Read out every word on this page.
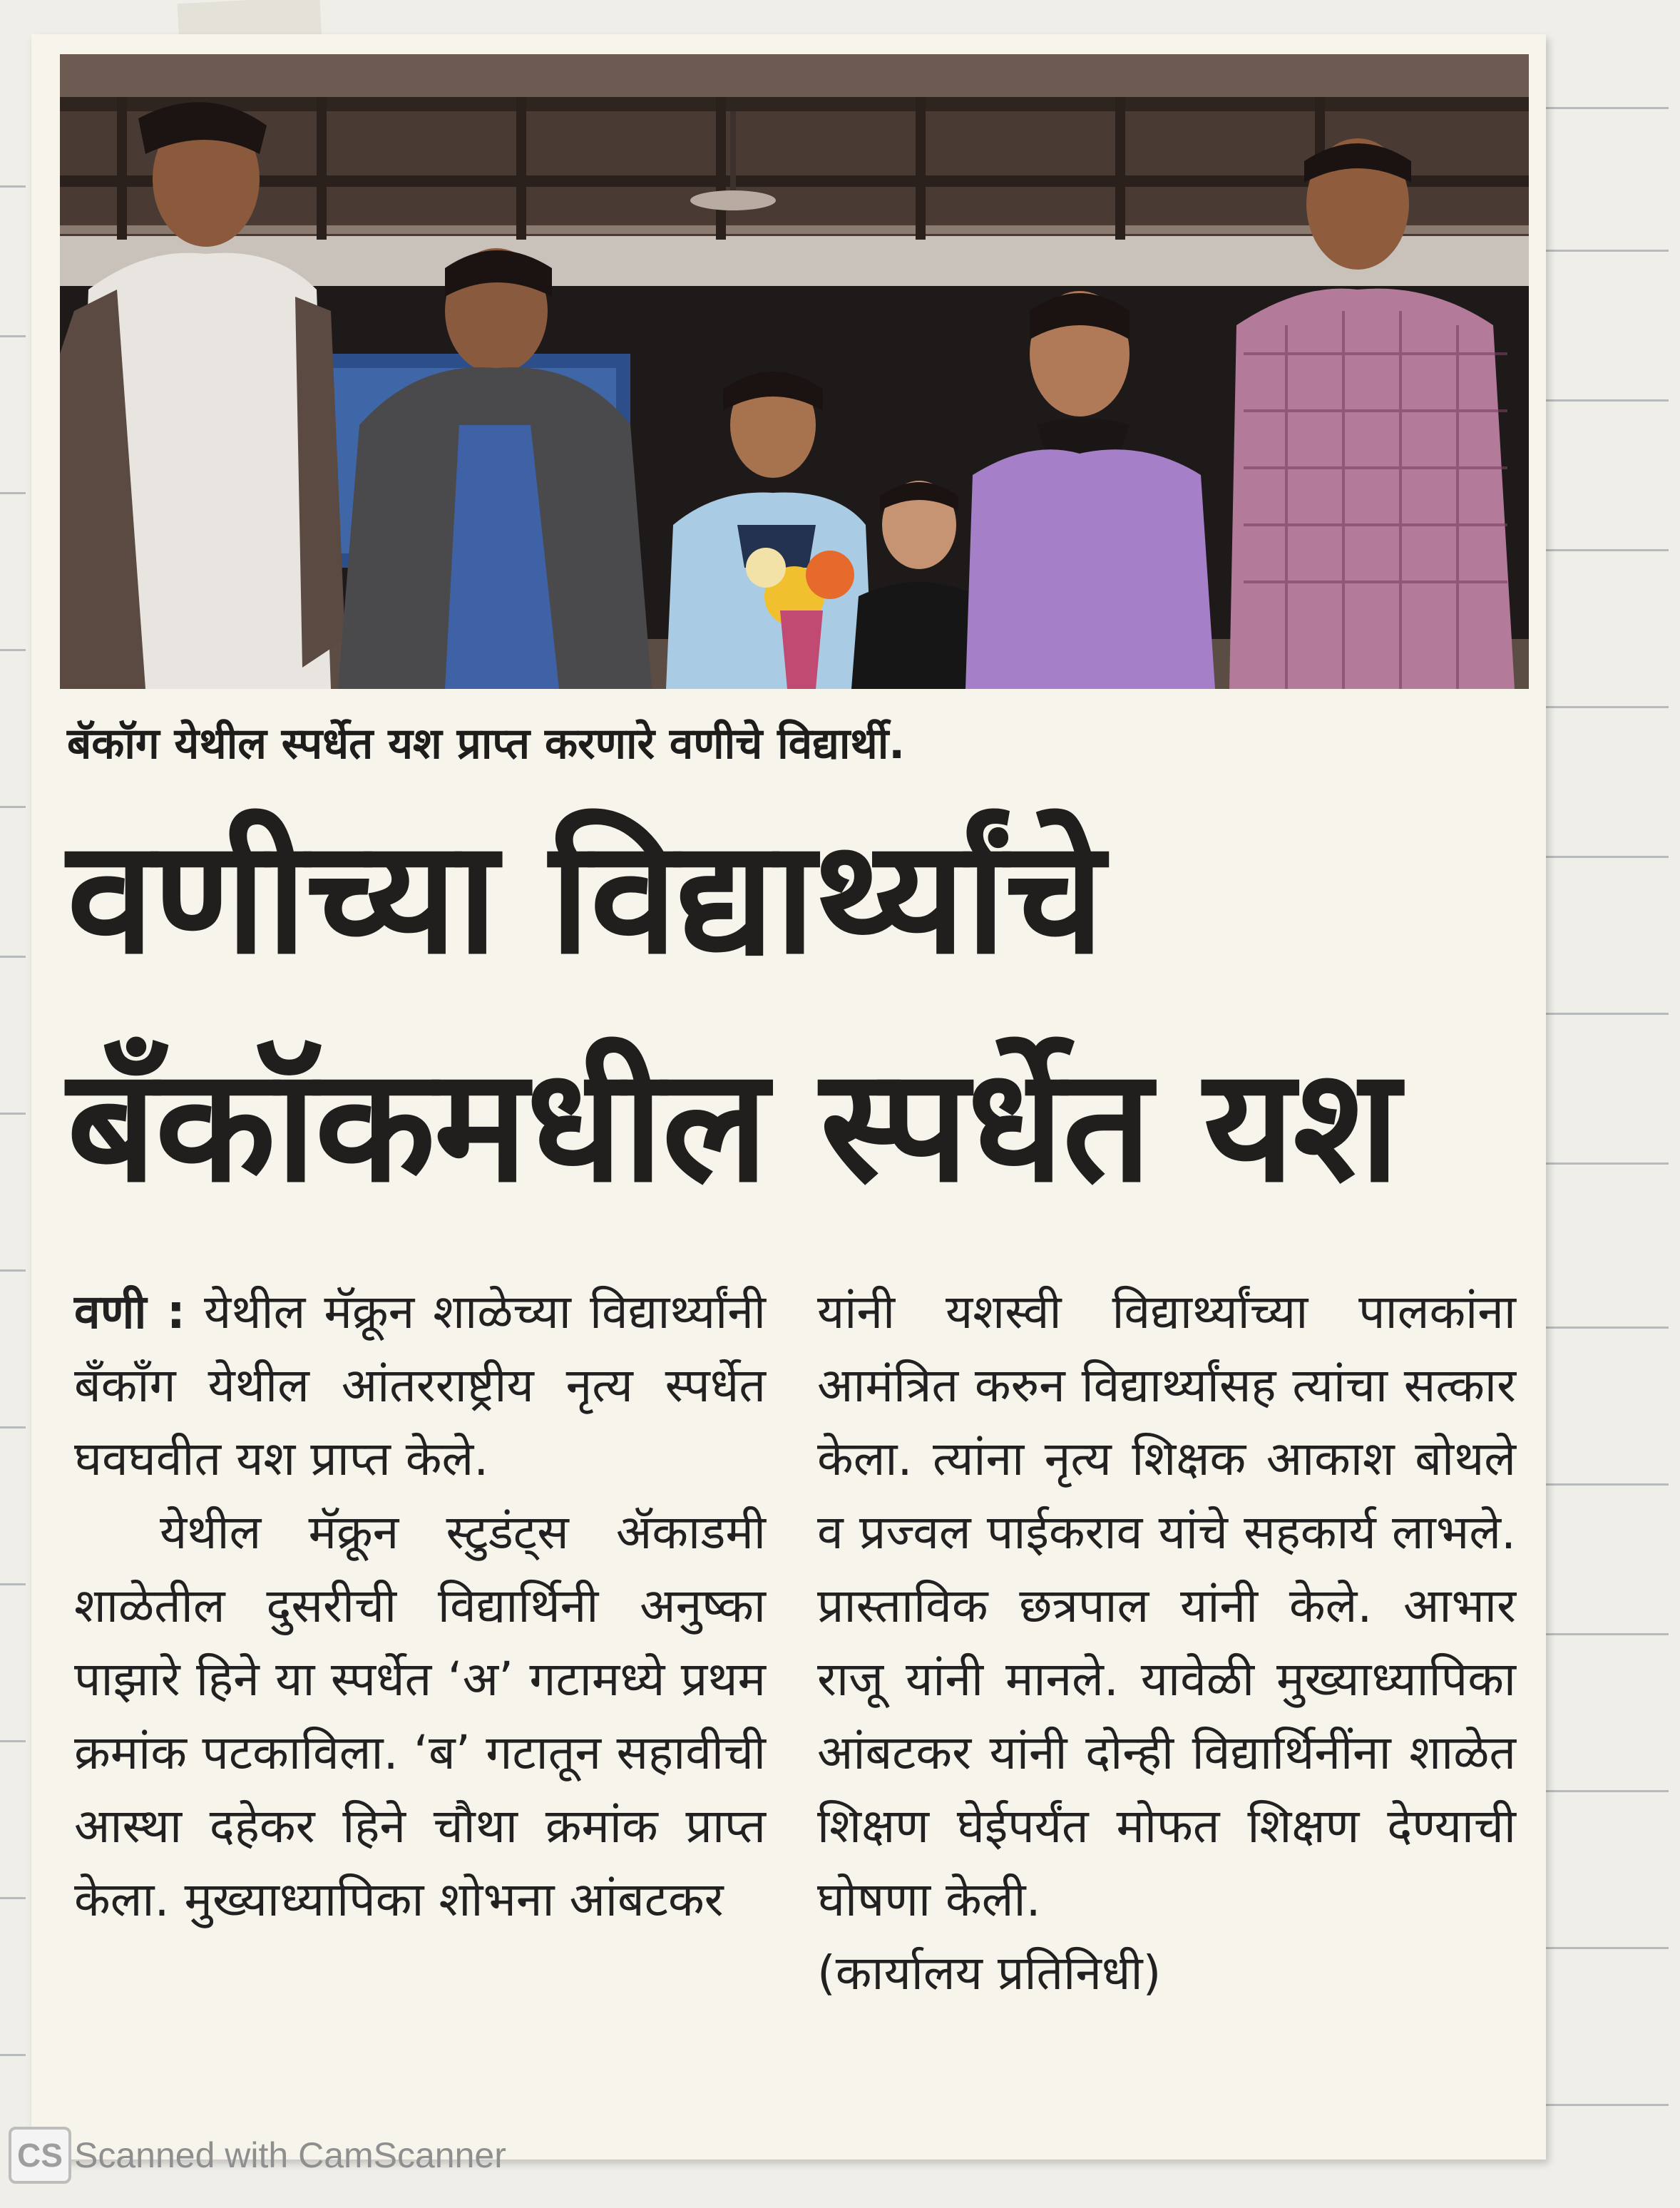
बॅकॉग येथील स्पर्धेत यश प्राप्त करणारे वणीचे विद्यार्थी.
वणीच्या विद्यार्थ्यांचे
बँकॉकमधील स्पर्धेत यश

वणी : येथील मॅक्रून शाळेच्या विद्यार्थ्यांनी बँकॉंग येथील आंतरराष्ट्रीय नृत्य स्पर्धेत घवघवीत यश प्राप्त केले.

येथील मॅक्रून स्टुडंट्स ॲकाडमी शाळेतील दुसरीची विद्यार्थिनी अनुष्का पाझारे हिने या स्पर्धेत ‘अ’ गटामध्ये प्रथम क्रमांक पटकाविला. ‘ब’ गटातून सहावीची आस्था दहेकर हिने चौथा क्रमांक प्राप्त केला. मुख्याध्यापिका शोभना आंबटकर

यांनी यशस्वी विद्यार्थ्यांच्या पालकांना आमंत्रित करुन विद्यार्थ्यांसह त्यांचा सत्कार केला. त्यांना नृत्य शिक्षक आकाश बोथले व प्रज्वल पाईकराव यांचे सहकार्य लाभले. प्रास्ताविक छत्रपाल यांनी केले. आभार राजू यांनी मानले. यावेळी मुख्याध्यापिका आंबटकर यांनी दोन्ही विद्यार्थिनींना शाळेत शिक्षण घेईपर्यंत मोफत शिक्षण देण्याची घोषणा केली.

(कार्यालय प्रतिनिधी)

CS Scanned with CamScanner
